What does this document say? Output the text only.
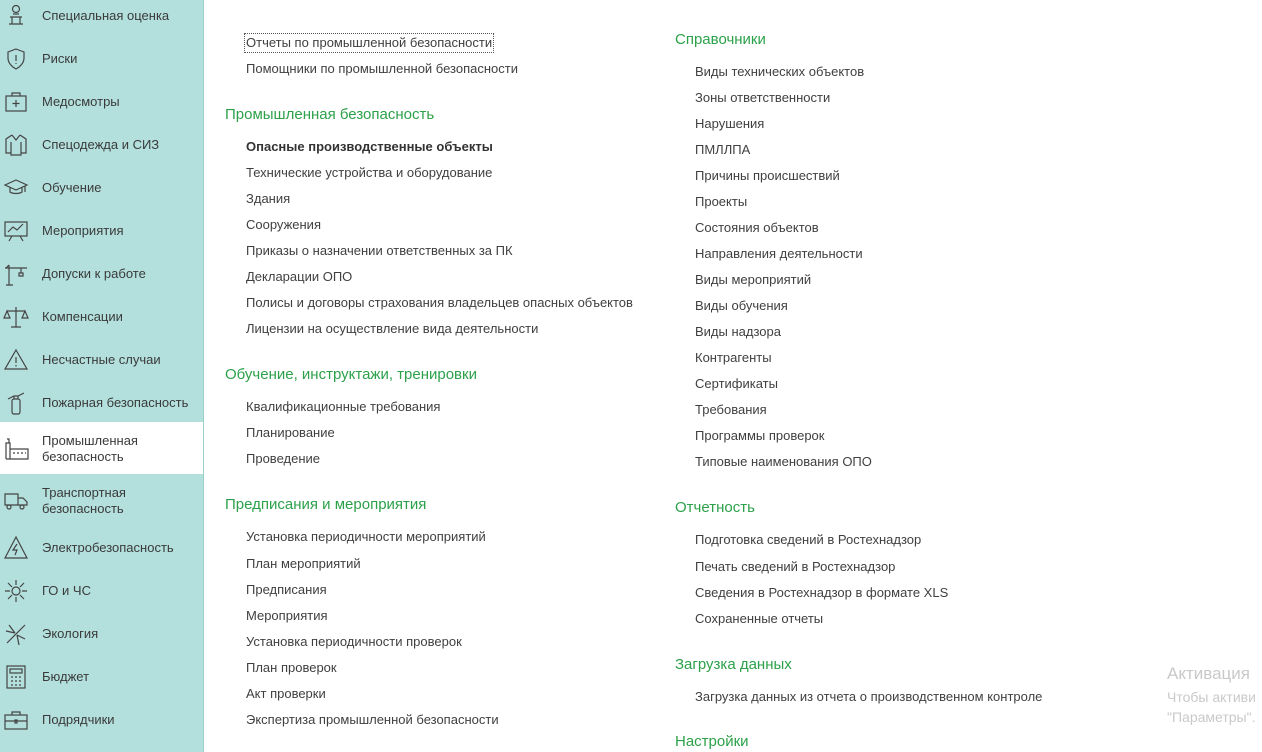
Специальная оценка
Риски
Медосмотры
Спецодежда и СИЗ
Обучение
Мероприятия
Допуски к работе
Компенсации
Несчастные случаи
Пожарная безопасность
Промышленная безопасность
Транспортная безопасность
Электробезопасность
ГО и ЧС
Экология
Бюджет
Подрядчики
Отчеты по промышленной безопасности
Помощники по промышленной безопасности
Промышленная безопасность
Опасные производственные объекты
Технические устройства и оборудование
Здания
Сооружения
Приказы о назначении ответственных за ПК
Декларации ОПО
Полисы и договоры страхования владельцев опасных объектов
Лицензии на осуществление вида деятельности
Обучение, инструктажи, тренировки
Квалификационные требования
Планирование
Проведение
Предписания и мероприятия
Установка периодичности мероприятий
План мероприятий
Предписания
Мероприятия
Установка периодичности проверок
План проверок
Акт проверки
Экспертиза промышленной безопасности
Справочники
Виды технических объектов
Зоны ответственности
Нарушения
ПМЛЛПА
Причины происшествий
Проекты
Состояния объектов
Направления деятельности
Виды мероприятий
Виды обучения
Виды надзора
Контрагенты
Сертификаты
Требования
Программы проверок
Типовые наименования ОПО
Отчетность
Подготовка сведений в Ростехнадзор
Печать сведений в Ростехнадзор
Сведения в Ростехнадзор в формате XLS
Сохраненные отчеты
Загрузка данных
Загрузка данных из отчета о производственном контроле
Настройки
Активация
Чтобы активи
"Параметры".
